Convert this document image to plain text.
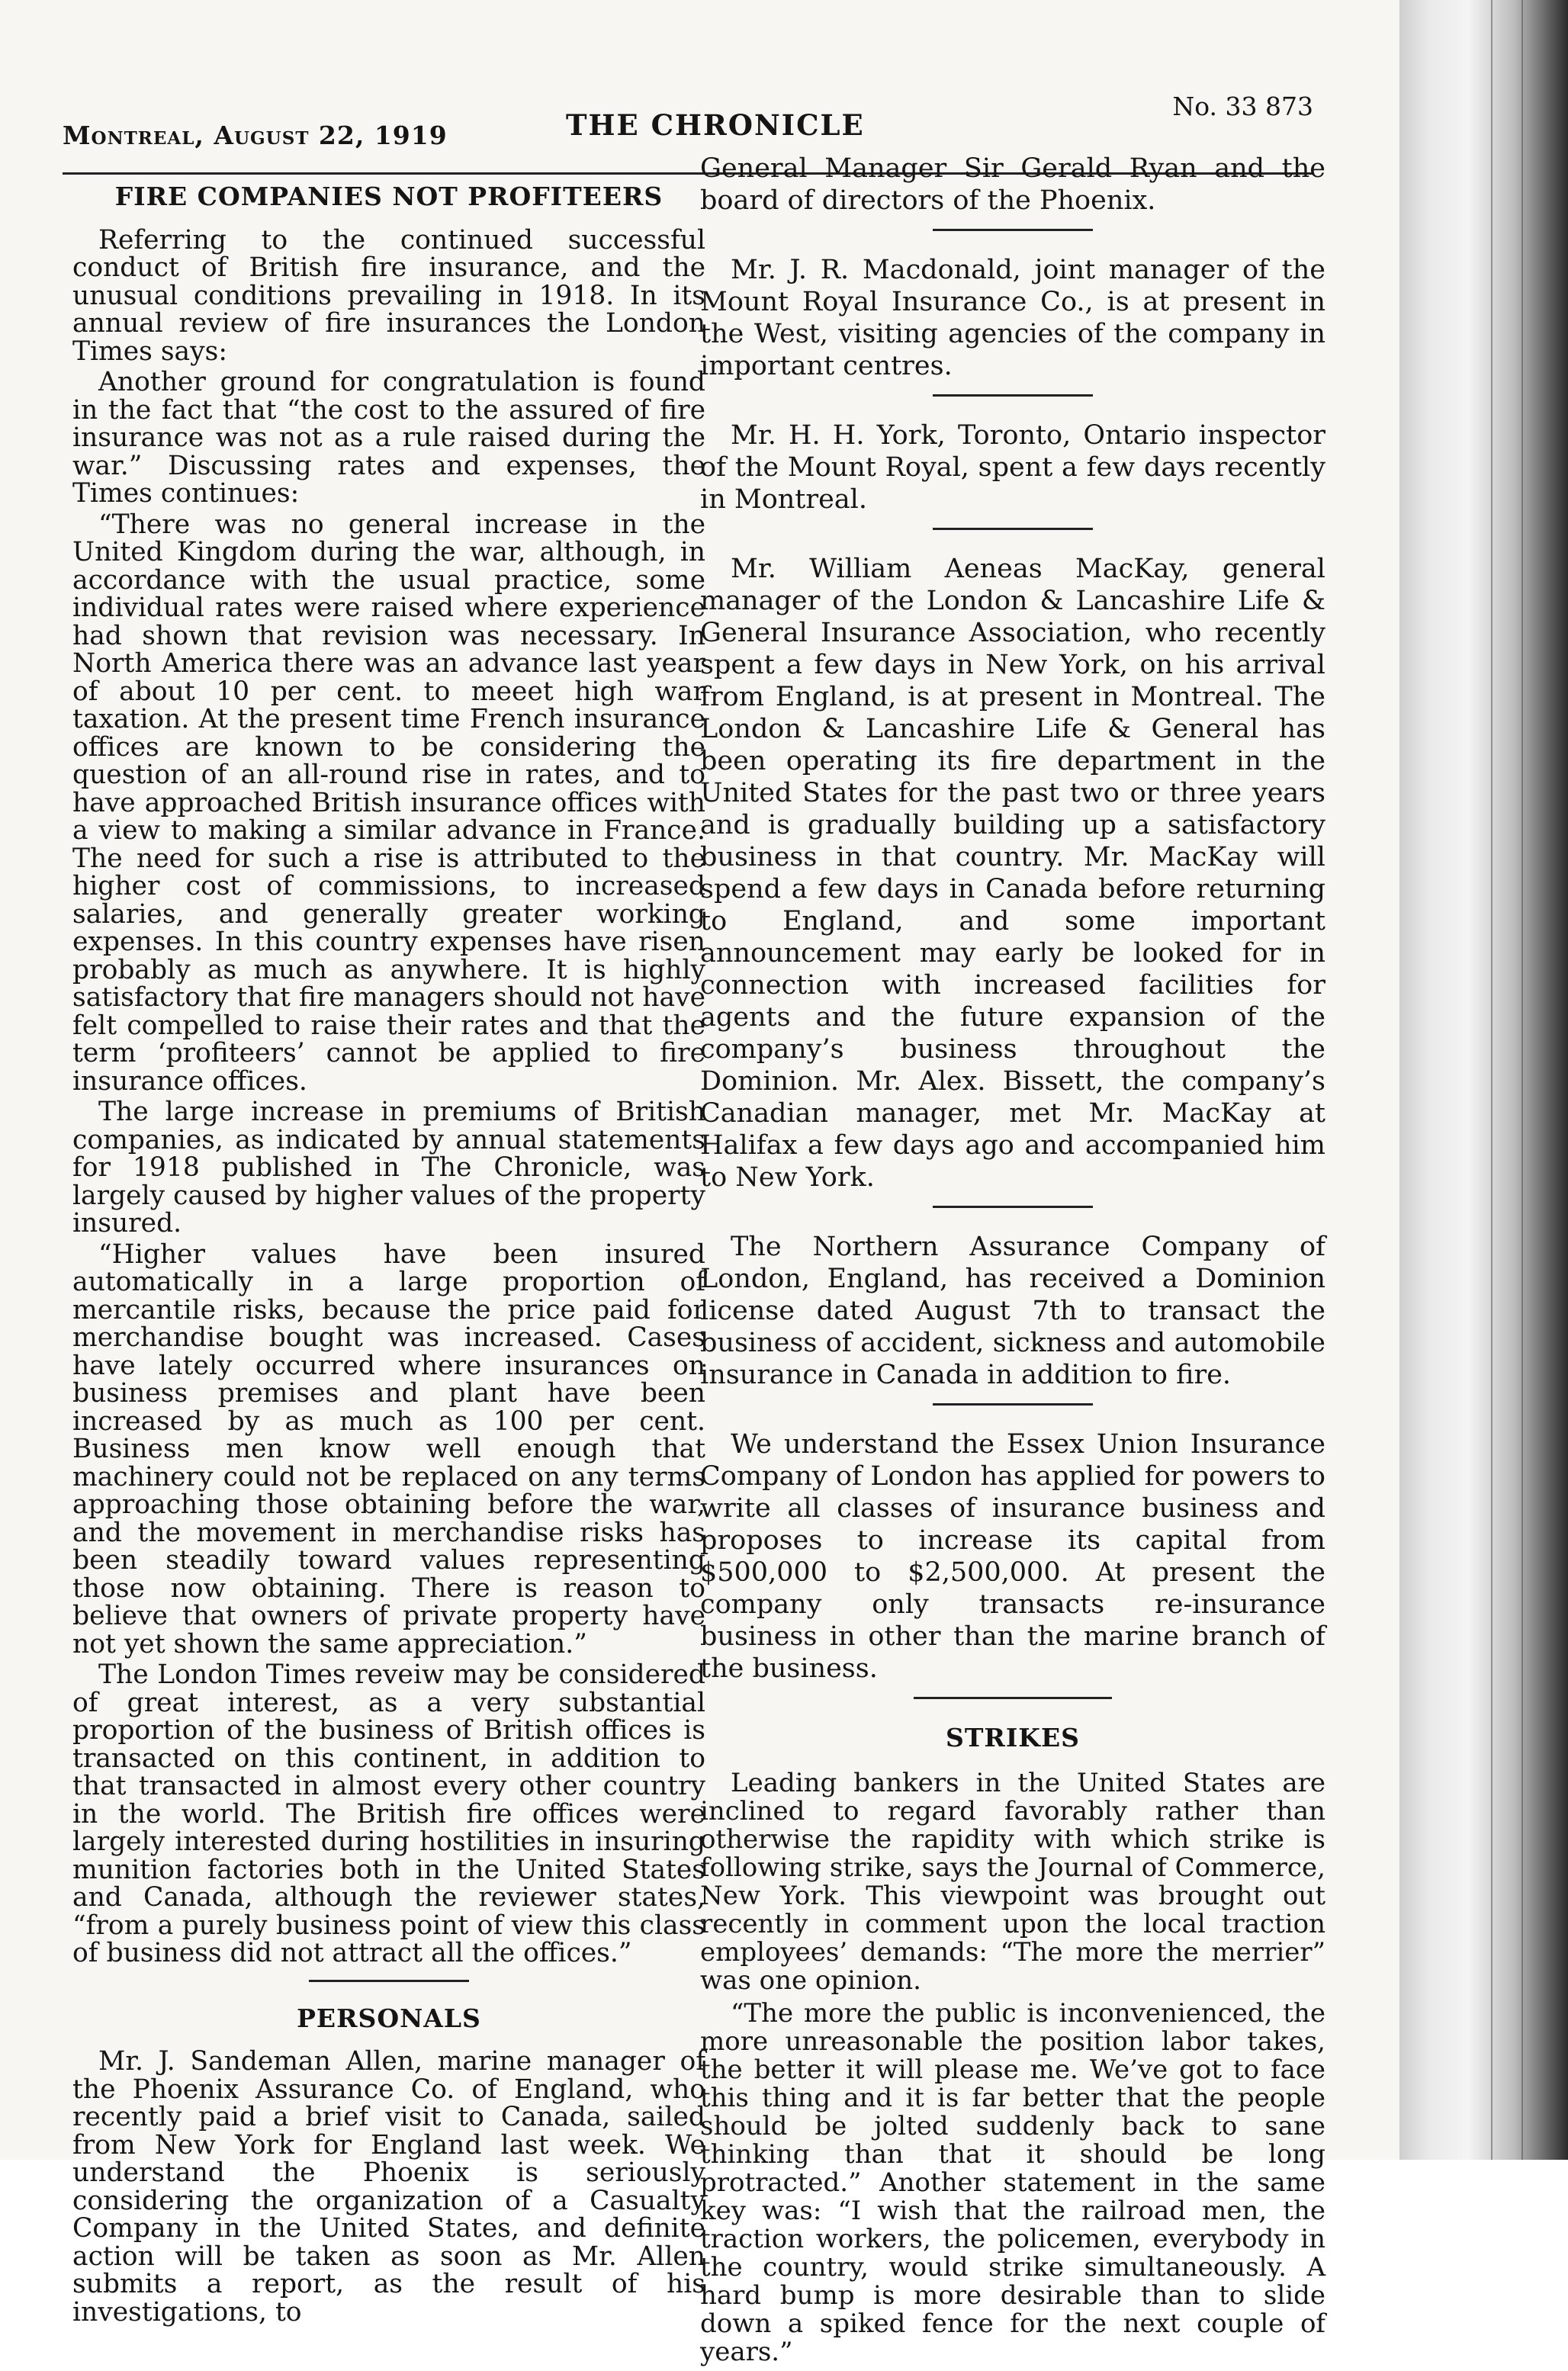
Montreal, August 22, 1919	THE CHRONICLE
No. 33 873
FIRE COMPANIES NOT PROFITEERS

Referring to the continued successful conduct of British fire insurance, and the unusual conditions prevailing in 1918. In its annual review of fire insurances the London Times says:

Another ground for congratulation is found in the fact that “the cost to the assured of fire insurance was not as a rule raised during the war.” Discussing rates and expenses, the Times continues:

“There was no general increase in the United Kingdom during the war, although, in accordance with the usual practice, some individual rates were raised where experience had shown that revision was necessary. In North America there was an advance last year of about 10 per cent. to meeet high war taxation. At the present time French insurance offices are known to be considering the question of an all-round rise in rates, and to have approached British insurance offices with a view to making a similar advance in France. The need for such a rise is attributed to the higher cost of commissions, to increased salaries, and generally greater working expenses. In this country expenses have risen probably as much as anywhere. It is highly satisfactory that fire managers should not have felt compelled to raise their rates and that the term ‘profiteers’ cannot be applied to fire insurance offices.

The large increase in premiums of British companies, as indicated by annual statements for 1918 published in The Chronicle, was largely caused by higher values of the property insured.

“Higher values have been insured automatically in a large proportion of mercantile risks, because the price paid for merchandise bought was increased. Cases have lately occurred where insurances on business premises and plant have been increased by as much as 100 per cent. Business men know well enough that machinery could not be replaced on any terms approaching those obtaining before the war, and the movement in merchandise risks has been steadily toward values representing those now obtaining. There is reason to believe that owners of private property have not yet shown the same appreciation.”

The London Times reveiw may be considered of great interest, as a very substantial proportion of the business of British offices is transacted on this continent, in addition to that transacted in almost every other country in the world. The British fire offices were largely interested during hostilities in insuring munition factories both in the United States and Canada, although the reviewer states, “from a purely business point of view this class of business did not attract all the offices.”

PERSONALS

Mr. J. Sandeman Allen, marine manager of the Phoenix Assurance Co. of England, who recently paid a brief visit to Canada, sailed from New York for England last week. We understand the Phoenix is seriously considering the organization of a Casualty Company in the United States, and definite action will be taken as soon as Mr. Allen submits a report, as the result of his investigations, to

General Manager Sir Gerald Ryan and the board of directors of the Phoenix.

Mr. J. R. Macdonald, joint manager of the Mount Royal Insurance Co., is at present in the West, visiting agencies of the company in important centres.

Mr. H. H. York, Toronto, Ontario inspector of the Mount Royal, spent a few days recently in Montreal.

Mr. William Aeneas MacKay, general manager of the London & Lancashire Life & General Insurance Association, who recently spent a few days in New York, on his arrival from England, is at present in Montreal. The London & Lancashire Life & General has been operating its fire department in the United States for the past two or three years and is gradually building up a satisfactory business in that country. Mr. MacKay will spend a few days in Canada before returning to England, and some important announcement may early be looked for in connection with increased facilities for agents and the future expansion of the company’s business throughout the Dominion. Mr. Alex. Bissett, the company’s Canadian manager, met Mr. MacKay at Halifax a few days ago and accompanied him to New York.

The Northern Assurance Company of London, England, has received a Dominion license dated August 7th to transact the business of accident, sickness and automobile insurance in Canada in addition to fire.

We understand the Essex Union Insurance Company of London has applied for powers to write all classes of insurance business and proposes to increase its capital from $500,000 to $2,500,000. At present the company only transacts re-insurance business in other than the marine branch of the business.

STRIKES

Leading bankers in the United States are inclined to regard favorably rather than otherwise the rapidity with which strike is following strike, says the Journal of Commerce, New York. This viewpoint was brought out recently in comment upon the local traction employees’ demands: “The more the merrier” was one opinion.

“The more the public is inconvenienced, the more unreasonable the position labor takes, the better it will please me. We’ve got to face this thing and it is far better that the people should be jolted suddenly back to sane thinking than that it should be long protracted.” Another statement in the same key was: “I wish that the railroad men, the traction workers, the policemen, everybody in the country, would strike simultaneously. A hard bump is more desirable than to slide down a spiked fence for the next couple of years.”
